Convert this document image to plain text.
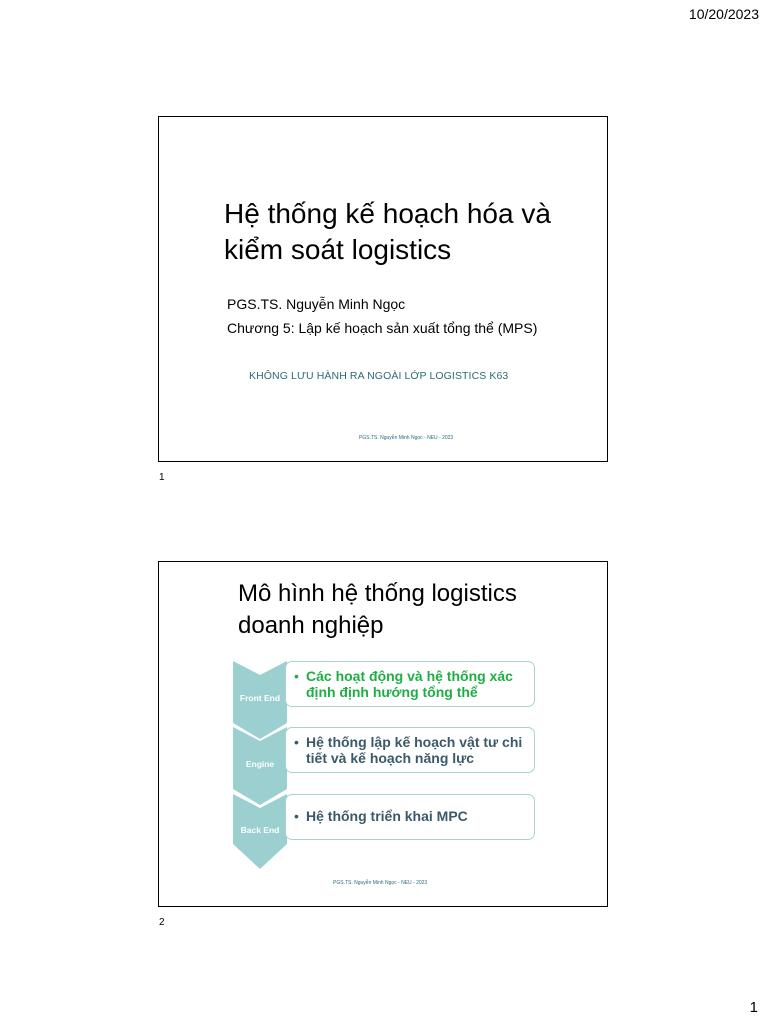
10/20/2023
Hệ thống kế hoạch hóa và kiểm soát logistics
PGS.TS. Nguyễn Minh Ngọc
Chương 5: Lập kế hoạch sản xuất tổng thể (MPS)
KHÔNG LƯU HÀNH RA NGOÀI LỚP LOGISTICS K63
PGS.TS. Nguyễn Minh Ngọc - NEU - 2023
1
Mô hình hệ thống logistics doanh nghiệp
Front End
• Các hoạt động và hệ thống xác định định hướng tổng thể
Engine
• Hệ thống lập kế hoạch vật tư chi tiết và kế hoạch năng lực
Back End
• Hệ thống triển khai MPC
PGS.TS. Nguyễn Minh Ngọc - NEU - 2023
2
1
